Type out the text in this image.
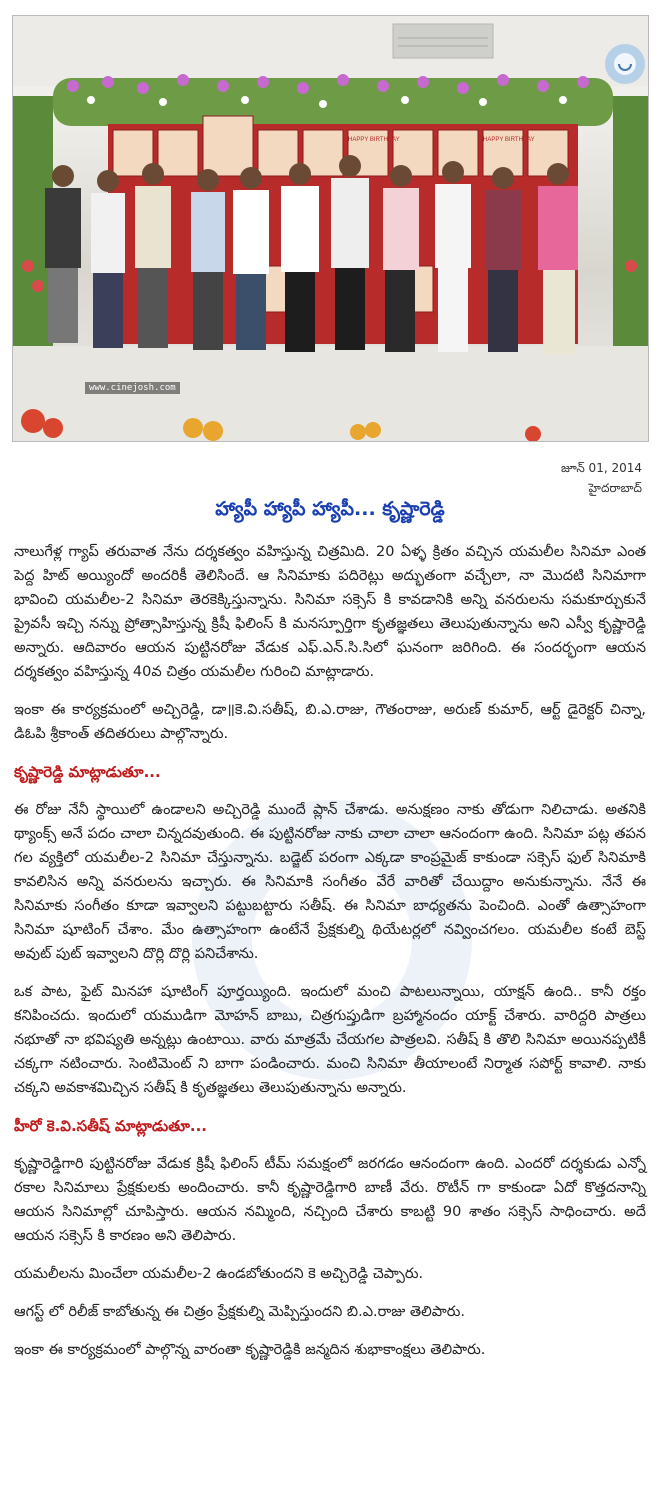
HAPPY BIRTHDAY	HAPPY BIRTHDAY
www.cinejosh.com
జూన్ 01, 2014
హైదరాబాద్
హ్యాపీ హ్యాపీ హ్యాపీ... కృష్ణారెడ్డి

నాలుగేళ్ల గ్యాప్ తరువాత నేను దర్శకత్వం వహిస్తున్న చిత్రమిది. 20 ఏళ్ళ క్రితం వచ్చిన యమలీల సినిమా ఎంత పెద్ద హిట్ అయ్యిందో అందరికీ తెలిసిందే. ఆ సినిమాకు పదిరెట్లు అద్భుతంగా వచ్చేలా, నా మొదటి సినిమాగా భావించి యమలీల-2 సినిమా తెరకెక్కిస్తున్నాను. సినిమా సక్సెస్ కి కావడానికి అన్ని వనరులను సమకూర్చుకునే ప్రైవసీ ఇచ్చి నన్ను ప్రోత్సాహిస్తున్న క్రిషీ ఫిలింస్ కి మనస్పూర్తిగా కృతజ్ఞతలు తెలుపుతున్నాను అని ఎస్వీ కృష్ణారెడ్డి అన్నారు. ఆదివారం ఆయన పుట్టినరోజు వేడుక ఎఫ్.ఎన్.సి.సిలో ఘనంగా జరిగింది. ఈ సందర్భంగా ఆయన దర్శకత్వం వహిస్తున్న 40వ చిత్రం యమలీల గురించి మాట్లాడారు.

ఇంకా ఈ కార్యక్రమంలో అచ్చిరెడ్డి, డా॥కె.వి.సతీష్, బి.ఎ.రాజు, గౌతంరాజు, అరుణ్ కుమార్, ఆర్ట్ డైరెక్టర్ చిన్నా, డిఓపి శ్రీకాంత్ తదితరులు పాల్గొన్నారు.

కృష్ణారెడ్డి మాట్లాడుతూ...

ఈ రోజు నేనీ స్థాయిలో ఉండాలని అచ్చిరెడ్డి ముందే ప్లాన్ చేశాడు. అనుక్షణం నాకు తోడుగా నిలిచాడు. అతనికి థ్యాంక్స్ అనే పదం చాలా చిన్నదవుతుంది. ఈ పుట్టినరోజు నాకు చాలా చాలా ఆనందంగా ఉంది. సినిమా పట్ల తపన గల వ్యక్తిలో యమలీల-2 సినిమా చేస్తున్నాను. బడ్జెట్ పరంగా ఎక్కడా కాంప్రమైజ్ కాకుండా సక్సెస్ ఫుల్ సినిమాకి కావలిసిన అన్ని వనరులను ఇచ్చారు. ఈ సినిమాకి సంగీతం వేరే వారితో చేయిద్దాం అనుకున్నాను. నేనే ఈ సినిమాకు సంగీతం కూడా ఇవ్వాలని పట్టుబట్టారు సతీష్. ఈ సినిమా బాధ్యతను పెంచింది. ఎంతో ఉత్సాహంగా సినిమా షూటింగ్ చేశాం. మేం ఉత్సాహంగా ఉంటేనే ప్రేక్షకుల్ని థియేటర్లలో నవ్వించగలం. యమలీల కంటే బెస్ట్ అవుట్ పుట్ ఇవ్వాలని దొర్లి దొర్లి పనిచేశాను.

ఒక పాట, ఫైట్ మినహా షూటింగ్ పూర్తయ్యింది. ఇందులో మంచి పాటలున్నాయి, యాక్షన్ ఉంది.. కానీ రక్తం కనిపించదు. ఇందులో యముడిగా మోహన్ బాబు, చిత్రగుప్తుడిగా బ్రహ్మానందం యాక్ట్ చేశారు. వారిద్దరి పాత్రలు నభూతో నా భవిష్యతి అన్నట్లు ఉంటాయి. వారు మాత్రమే చేయగల పాత్రలవి. సతీష్ కి తొలి సినిమా అయినప్పటికీ చక్కగా నటించారు. సెంటిమెంట్ ని బాగా పండించారు. మంచి సినిమా తీయాలంటే నిర్మాత సపోర్ట్ కావాలి. నాకు చక్కని అవకాశమిచ్చిన సతీష్ కి కృతజ్ఞతలు తెలుపుతున్నాను అన్నారు.

హీరో కె.వి.సతీష్ మాట్లాడుతూ...

కృష్ణారెడ్డిగారి పుట్టినరోజు వేడుక క్రిషీ ఫిలింస్ టీమ్ సమక్షంలో జరగడం ఆనందంగా ఉంది. ఎందరో దర్శకుడు ఎన్నో రకాల సినిమాలు ప్రేక్షకులకు అందించారు. కానీ కృష్ణారెడ్డిగారి బాణీ వేరు. రొటీన్ గా కాకుండా ఏదో కొత్తదనాన్ని ఆయన సినిమాల్లో చూపిస్తారు. ఆయన నమ్మింది, నచ్చింది చేశారు కాబట్టి 90 శాతం సక్సెస్ సాధించారు. అదే ఆయన సక్సెస్ కి కారణం అని తెలిపారు.

యమలీలను మించేలా యమలీల-2 ఉండబోతుందని కె అచ్చిరెడ్డి చెప్పారు.

ఆగస్ట్ లో రిలీజ్ కాబోతున్న ఈ చిత్రం ప్రేక్షకుల్ని మెప్పిస్తుందని బి.ఎ.రాజు తెలిపారు.

ఇంకా ఈ కార్యక్రమంలో పాల్గొన్న వారంతా కృష్ణారెడ్డికి జన్మదిన శుభాకాంక్షలు తెలిపారు.
